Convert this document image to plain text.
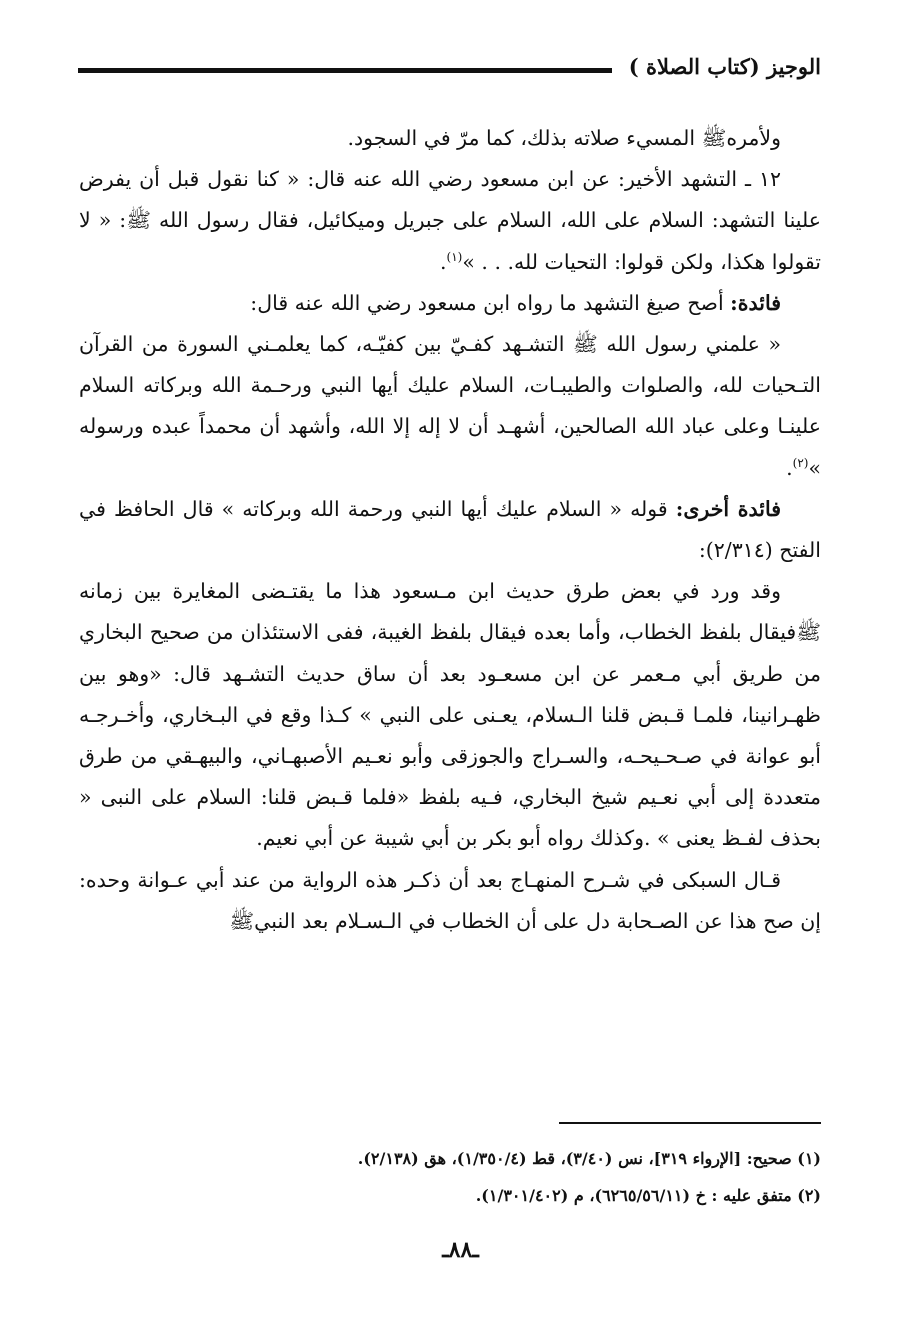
الوجيز (كتاب الصلاة )

ولأمرهﷺ المسيء صلاته بذلك، كما مرّ في السجود.

١٢ ـ التشهد الأخير: عن ابن مسعود رضي الله عنه قال: « كنا نقول قبل أن يفرض علينا التشهد: السلام على الله، السلام على جبريل وميكائيل، فقال رسول الله ﷺ: « لا تقولوا هكذا، ولكن قولوا: التحيات لله. . . »$^{(١)}$.

فائدة: أصح صيغ التشهد ما رواه ابن مسعود رضي الله عنه قال:

« علمني رسول الله ﷺ التشـهد كفـيّ بين كفيّـه، كما يعلمـني السورة من القرآن التـحيات لله، والصلوات والطيبـات، السلام عليك أيها النبي ورحـمة الله وبركاته السلام علينـا وعلى عباد الله الصالحين، أشهـد أن لا إله إلا الله، وأشهد أن محمداً عبده ورسوله »$^{(٢)}$.

فائدة أخرى: قوله « السلام عليك أيها النبي ورحمة الله وبركاته » قال الحافظ في الفتح (٢/٣١٤):

وقد ورد في بعض طرق حديث ابن مـسعود هذا ما يقتـضى المغايرة بين زمانه ﷺفيقال بلفظ الخطاب، وأما بعده فيقال بلفظ الغيبة، ففى الاستئذان من صحيح البخاري من طريق أبي مـعمر عن ابن مسعـود بعد أن ساق حديث التشـهد قال: «وهو بين ظهـرانينا، فلمـا قـبض قلنا الـسلام، يعـنى على النبي » كـذا وقع في البـخاري، وأخـرجـه أبو عوانة في صـحـيحـه، والسـراج والجوزقى وأبو نعـيم الأصبهـاني، والبيهـقي من طرق متعددة إلى أبي نعـيم شيخ البخاري، فـيه بلفظ «فلما قـبض قلنا: السلام على النبى « بحذف لفـظ يعنى » .وكذلك رواه أبو بكر بن أبي شيبة عن أبي نعيم.

قـال السبكى في شـرح المنهـاج بعد أن ذكـر هذه الرواية من عند أبي عـوانة وحده: إن صح هذا عن الصـحابة دل على أن الخطاب في الـسـلام بعد النبيﷺ

(١) صحيح: [الإرواء ٣١٩]، نس (٣/٤٠)، قط (١/٣٥٠/٤)، هق (٢/١٣٨).

(٢) متفق عليه : خ (٦٢٦٥/٥٦/١١)، م (١/٣٠١/٤٠٢).

ـ٨٨ـ
